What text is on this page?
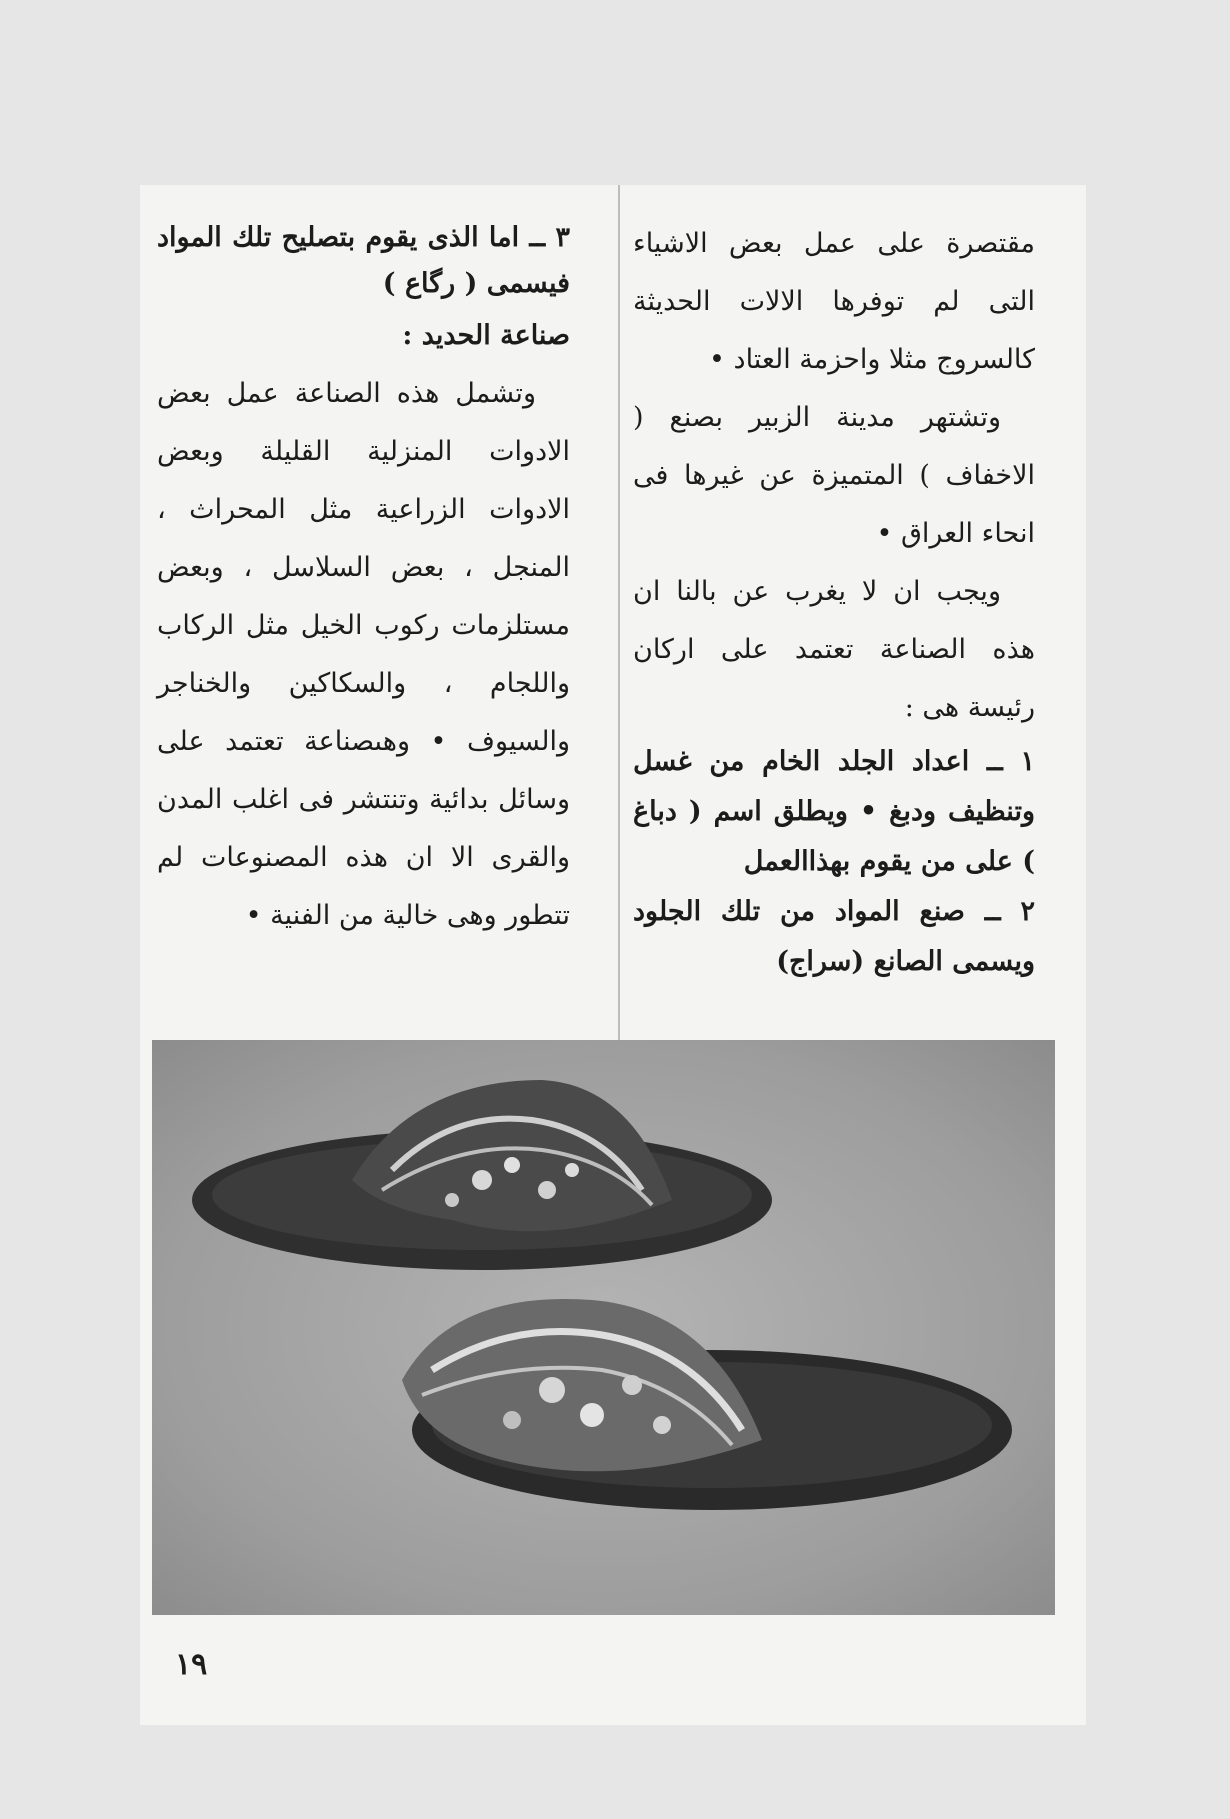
مقتصرة على عمل بعض الاشياء التى لم توفرها الالات الحديثة كالسروج مثلا واحزمة العتاد •

وتشتهر مدينة الزبير بصنع ( الاخفاف ) المتميزة عن غيرها فى انحاء العراق •

ويجب ان لا يغرب عن بالنا ان هذه الصناعة تعتمد على اركان رئيسة هى :

١ ــ اعداد الجلد الخام من غسل وتنظيف ودبغ • ويطلق اسم ( دباغ ) على من يقوم بهذاالعمل

٢ ــ صنع المواد من تلك الجلود ويسمى الصانع (سراج)

٣ ــ اما الذى يقوم بتصليح تلك المواد فيسمى ( رگاع )

صناعة الحديد :

وتشمل هذه الصناعة عمل بعض الادوات المنزلية القليلة وبعض الادوات الزراعية مثل المحراث ، المنجل ، بعض السلاسل ، وبعض مستلزمات ركوب الخيل مثل الركاب واللجام ، والسكاكين والخناجر والسيوف • وهىصناعة تعتمد على وسائل بدائية وتنتشر فى اغلب المدن والقرى الا ان هذه المصنوعات لم تتطور وهى خالية من الفنية •

١٩
